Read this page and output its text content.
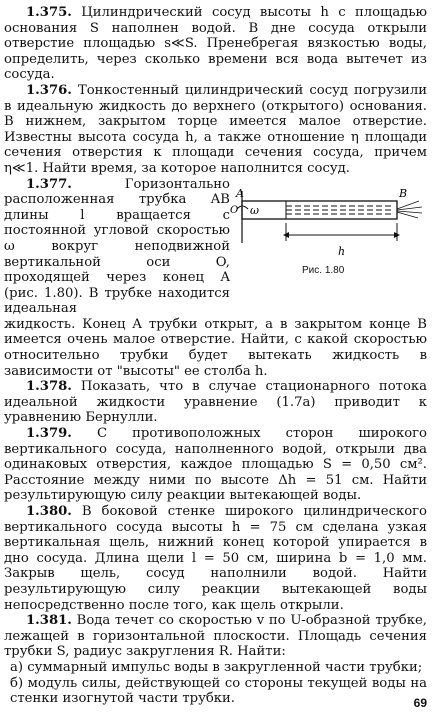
1.375. Цилиндрический сосуд высоты h с площадью основания S наполнен водой. В дне сосуда открыли отверстие площадью s≪S. Пренебрегая вязкостью воды, определить, через сколько времени вся вода вытечет из сосуда.

1.376. Тонкостенный цилиндрический сосуд погрузили в идеальную жидкость до верхнего (открытого) основания. В нижнем, закрытом торце имеется малое отверстие. Известны высота сосуда h, а также отношение η площади сечения отверстия к площади сечения сосуда, причем η≪1. Найти время, за которое наполнится сосуд.

1.377.	Горизонтально расположенная трубка AB длины l вращается с постоянной угловой скоростью ω вокруг неподвижной вертикальной оси O, проходящей через конец A (рис. 1.80). В трубке находится идеальная

жидкость. Конец A трубки открыт, а в закрытом конце B имеется очень малое отверстие. Найти, с какой скоростью относительно трубки будет вытекать жидкость в зависимости от "высоты" ее столба h.

1.378. Показать, что в случае стационарного потока идеальной жидкости уравнение (1.7а) приводит к уравнению Бернулли.

1.379. С противоположных сторон широкого вертикального сосуда, наполненного водой, открыли два одинаковых отверстия, каждое площадью S = 0,50 см². Расстояние между ними по высоте Δh = 51 см. Найти результирующую силу реакции вытекающей воды.

1.380. В боковой стенке широкого цилиндрического вертикального сосуда высоты h = 75 см сделана узкая вертикальная щель, нижний конец которой упирается в дно сосуда. Длина щели l = 50 см, ширина b = 1,0 мм. Закрыв щель, сосуд наполнили водой. Найти результирующую силу реакции вытекающей воды непосредственно после того, как щель открыли.

1.381. Вода течет со скоростью v по U-образной трубке, лежащей в горизонтальной плоскости. Площадь сечения трубки S, радиус закругления R. Найти:

а) суммарный импульс воды в закругленной части трубки;
б) модуль силы, действующей со стороны текущей воды на стенки изогнутой части трубки.
A	B
O ω
h
Рис. 1.80
69
